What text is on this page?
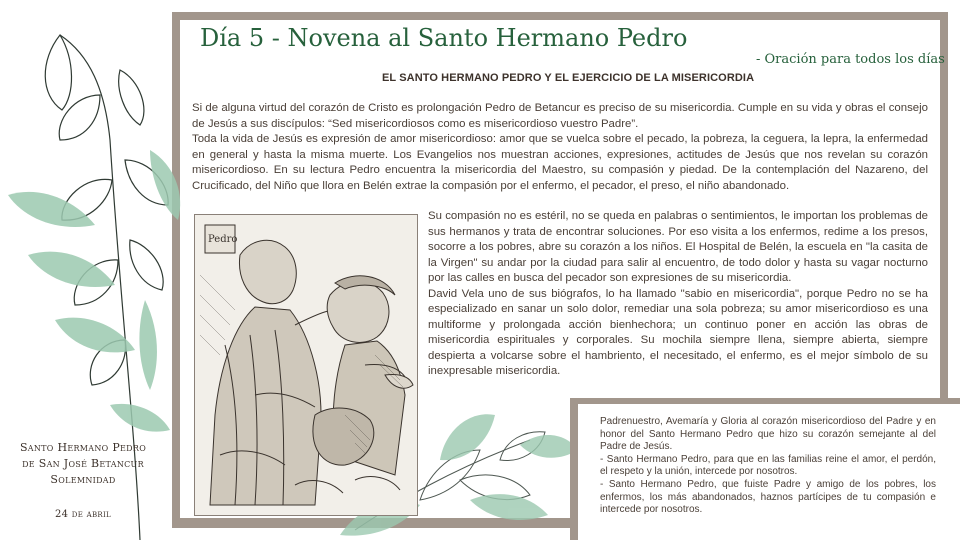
Día 5 - Novena al Santo Hermano Pedro
- Oración para todos los días
EL SANTO HERMANO PEDRO Y EL EJERCICIO DE LA MISERICORDIA

Si de alguna virtud del corazón de Cristo es prolongación Pedro de Betancur es preciso de su misericordia. Cumple en su vida y obras el consejo de Jesús a sus discípulos: “Sed misericordiosos como es misericordioso vuestro Padre”.

Toda la vida de Jesús es expresión de amor misericordioso: amor que se vuelca sobre el pecado, la pobreza, la ceguera, la lepra, la enfermedad en general y hasta la misma muerte. Los Evangelios nos muestran acciones, expresiones, actitudes de Jesús que nos revelan su corazón misericordioso. En su lectura Pedro encuentra la misericordia del Maestro, su compasión y piedad. De la contemplación del Nazareno, del Crucificado, del Niño que llora en Belén extrae la compasión por el enfermo, el pecador, el preso, el niño abandonado.

Pedro

Su compasión no es estéril, no se queda en palabras o sentimientos, le importan los problemas de sus hermanos y trata de encontrar soluciones. Por eso visita a los enfermos, redime a los presos, socorre a los pobres, abre su corazón a los niños. El Hospital de Belén, la escuela en "la casita de la Virgen" su andar por la ciudad para salir al encuentro, de todo dolor y hasta su vagar nocturno por las calles en busca del pecador son expresiones de su misericordia.

David Vela uno de sus biógrafos, lo ha llamado "sabio en misericordia", porque Pedro no se ha especializado en sanar un solo dolor, remediar una sola pobreza; su amor misericordioso es una multiforme y prolongada acción bienhechora; un continuo poner en acción las obras de misericordia espirituales y corporales. Su mochila siempre llena, siempre abierta, siempre despierta a volcarse sobre el hambriento, el necesitado, el enfermo, es el mejor símbolo de su inexpresable misericordia.

Padrenuestro, Avemaría y Gloria al corazón misericordioso del Padre y en honor del Santo Hermano Pedro que hizo su corazón semejante al del Padre de Jesús.

- Santo Hermano Pedro, para que en las familias reine el amor, el perdón, el respeto y la unión, intercede por nosotros.

- Santo Hermano Pedro, que fuiste Padre y amigo de los pobres, los enfermos, los más abandonados, haznos partícipes de tu compasión e intercede por nosotros.

Santo Hermano Pedro
de San José Betancur
Solemnidad
24 de abril
